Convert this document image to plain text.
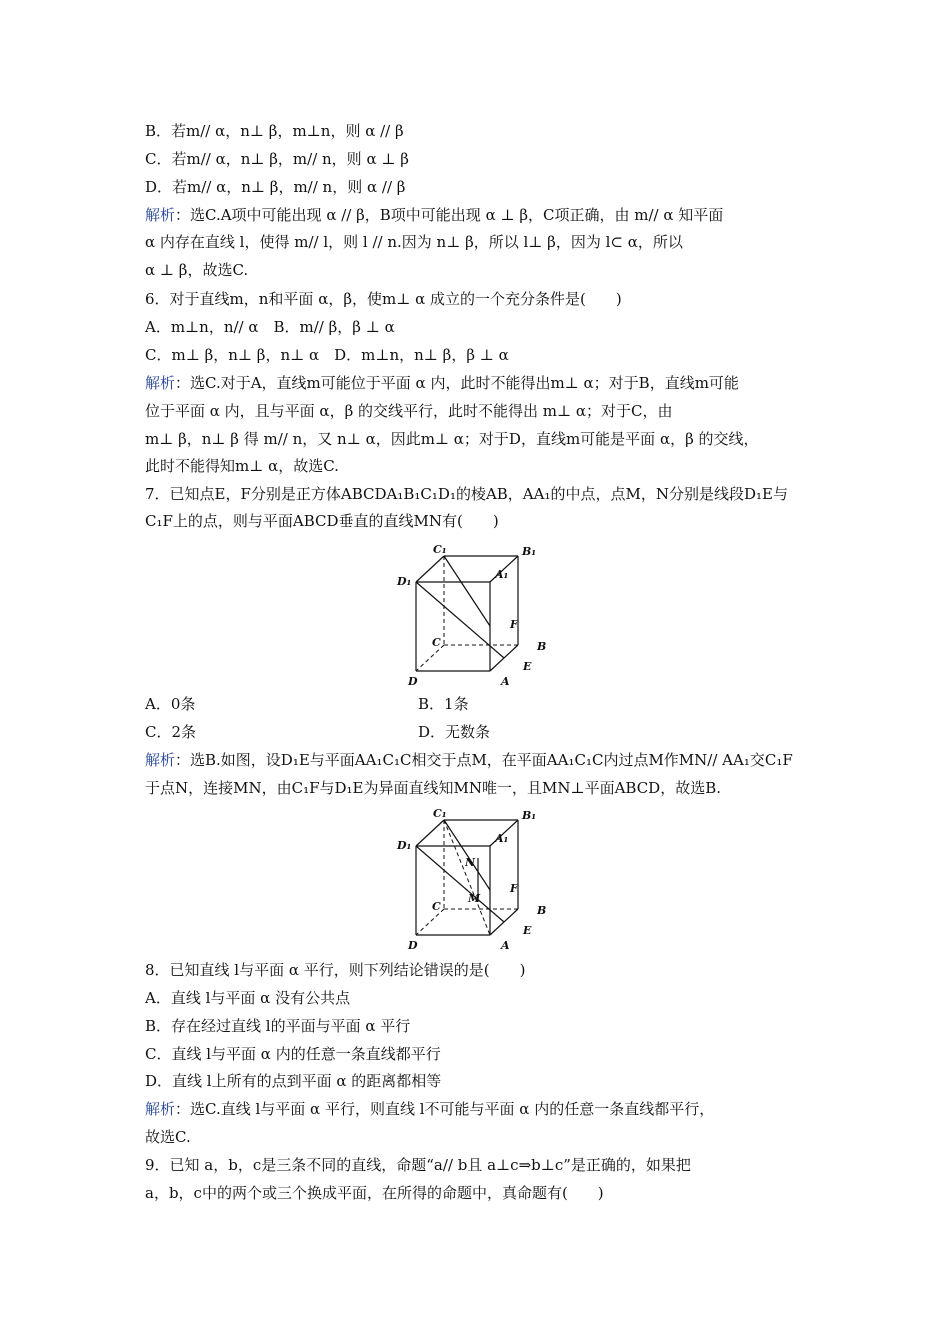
B．若m// α，n⊥ β，m⊥n，则 α // β
C．若m// α，n⊥ β，m// n，则 α ⊥ β
D．若m// α，n⊥ β，m// n，则 α // β
解析：选C.A项中可能出现 α // β，B项中可能出现 α ⊥ β，C项正确，由 m// α 知平面
α 内存在直线 l，使得 m// l，则 l // n.因为 n⊥ β，所以 l⊥ β，因为 l⊂ α，所以
α ⊥ β，故选C.
6．对于直线m，n和平面 α，β，使m⊥ α 成立的一个充分条件是(　　)
A．m⊥n，n// α　B．m// β，β ⊥ α
C．m⊥ β，n⊥ β，n⊥ α　D．m⊥n，n⊥ β，β ⊥ α
解析：选C.对于A，直线m可能位于平面 α 内，此时不能得出m⊥ α；对于B，直线m可能
位于平面 α 内，且与平面 α，β 的交线平行，此时不能得出 m⊥ α；对于C，由
m⊥ β，n⊥ β 得 m// n，又 n⊥ α，因此m⊥ α；对于D，直线m可能是平面 α，β 的交线，
此时不能得知m⊥ α，故选C.
7．已知点E，F分别是正方体ABCDA₁B₁C₁D₁的棱AB，AA₁的中点，点M，N分别是线段D₁E与
C₁F上的点，则与平面ABCD垂直的直线MN有(　　)
C₁	B₁
A₁
D₁
F
C	B
E
D	A
A．0条	B．1条
C．2条	D．无数条
解析：选B.如图，设D₁E与平面AA₁C₁C相交于点M，在平面AA₁C₁C内过点M作MN// AA₁交C₁F
于点N，连接MN，由C₁F与D₁E为异面直线知MN唯一，且MN⊥平面ABCD，故选B.
C₁	B₁
A₁
D₁
N
F
M
C	B
E
D	A
8．已知直线 l与平面 α 平行，则下列结论错误的是(　　)
A．直线 l与平面 α 没有公共点
B．存在经过直线 l的平面与平面 α 平行
C．直线 l与平面 α 内的任意一条直线都平行
D．直线 l上所有的点到平面 α 的距离都相等
解析：选C.直线 l与平面 α 平行，则直线 l不可能与平面 α 内的任意一条直线都平行，
故选C.
9．已知 a，b，c是三条不同的直线，命题“a// b且 a⊥c⇒b⊥c”是正确的，如果把
a，b，c中的两个或三个换成平面，在所得的命题中，真命题有(　　)
